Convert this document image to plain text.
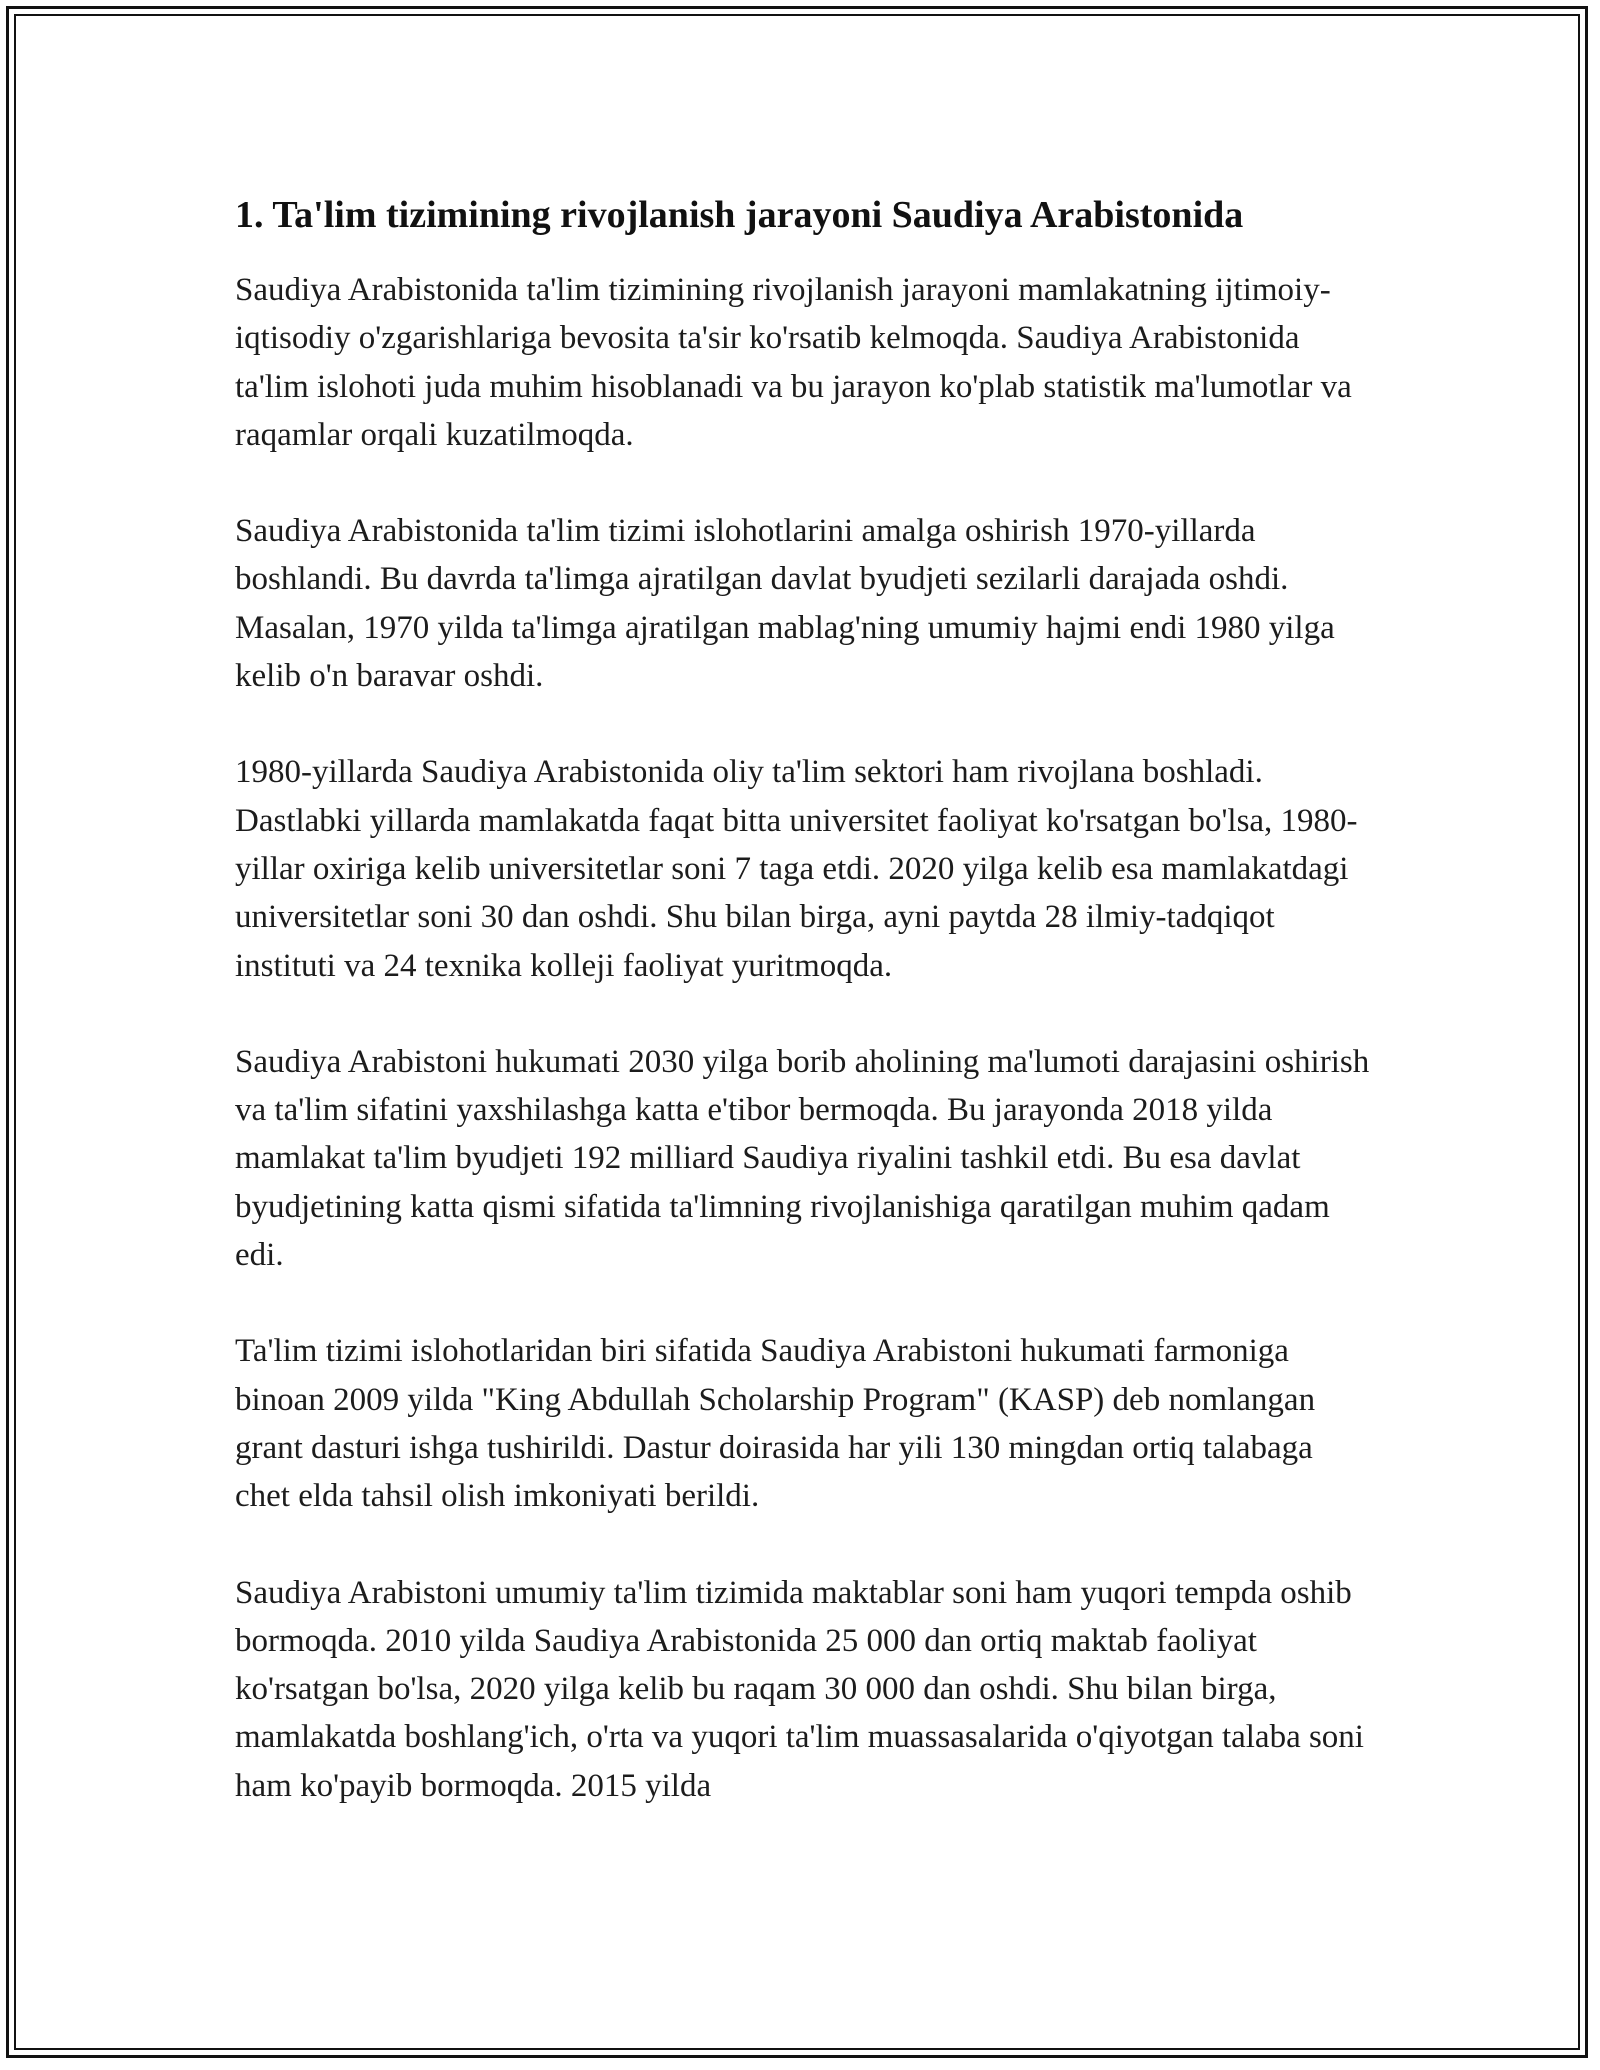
1. Ta'lim tizimining rivojlanish jarayoni Saudiya Arabistonida

Saudiya Arabistonida ta'lim tizimining rivojlanish jarayoni mamlakatning ijtimoiy-iqtisodiy o'zgarishlariga bevosita ta'sir ko'rsatib kelmoqda. Saudiya Arabistonida ta'lim islohoti juda muhim hisoblanadi va bu jarayon ko'plab statistik ma'lumotlar va raqamlar orqali kuzatilmoqda.

Saudiya Arabistonida ta'lim tizimi islohotlarini amalga oshirish 1970-yillarda boshlandi. Bu davrda ta'limga ajratilgan davlat byudjeti sezilarli darajada oshdi. Masalan, 1970 yilda ta'limga ajratilgan mablag'ning umumiy hajmi endi 1980 yilga kelib o'n baravar oshdi.

1980-yillarda Saudiya Arabistonida oliy ta'lim sektori ham rivojlana boshladi. Dastlabki yillarda mamlakatda faqat bitta universitet faoliyat ko'rsatgan bo'lsa, 1980-yillar oxiriga kelib universitetlar soni 7 taga etdi. 2020 yilga kelib esa mamlakatdagi universitetlar soni 30 dan oshdi. Shu bilan birga, ayni paytda 28 ilmiy-tadqiqot instituti va 24 texnika kolleji faoliyat yuritmoqda.

Saudiya Arabistoni hukumati 2030 yilga borib aholining ma'lumoti darajasini oshirish va ta'lim sifatini yaxshilashga katta e'tibor bermoqda. Bu jarayonda 2018 yilda mamlakat ta'lim byudjeti 192 milliard Saudiya riyalini tashkil etdi. Bu esa davlat byudjetining katta qismi sifatida ta'limning rivojlanishiga qaratilgan muhim qadam edi.

Ta'lim tizimi islohotlaridan biri sifatida Saudiya Arabistoni hukumati farmoniga binoan 2009 yilda "King Abdullah Scholarship Program" (KASP) deb nomlangan grant dasturi ishga tushirildi. Dastur doirasida har yili 130 mingdan ortiq talabaga chet elda tahsil olish imkoniyati berildi.

Saudiya Arabistoni umumiy ta'lim tizimida maktablar soni ham yuqori tempda oshib bormoqda. 2010 yilda Saudiya Arabistonida 25 000 dan ortiq maktab faoliyat ko'rsatgan bo'lsa, 2020 yilga kelib bu raqam 30 000 dan oshdi. Shu bilan birga, mamlakatda boshlang'ich, o'rta va yuqori ta'lim muassasalarida o'qiyotgan talaba soni ham ko'payib bormoqda. 2015 yilda
